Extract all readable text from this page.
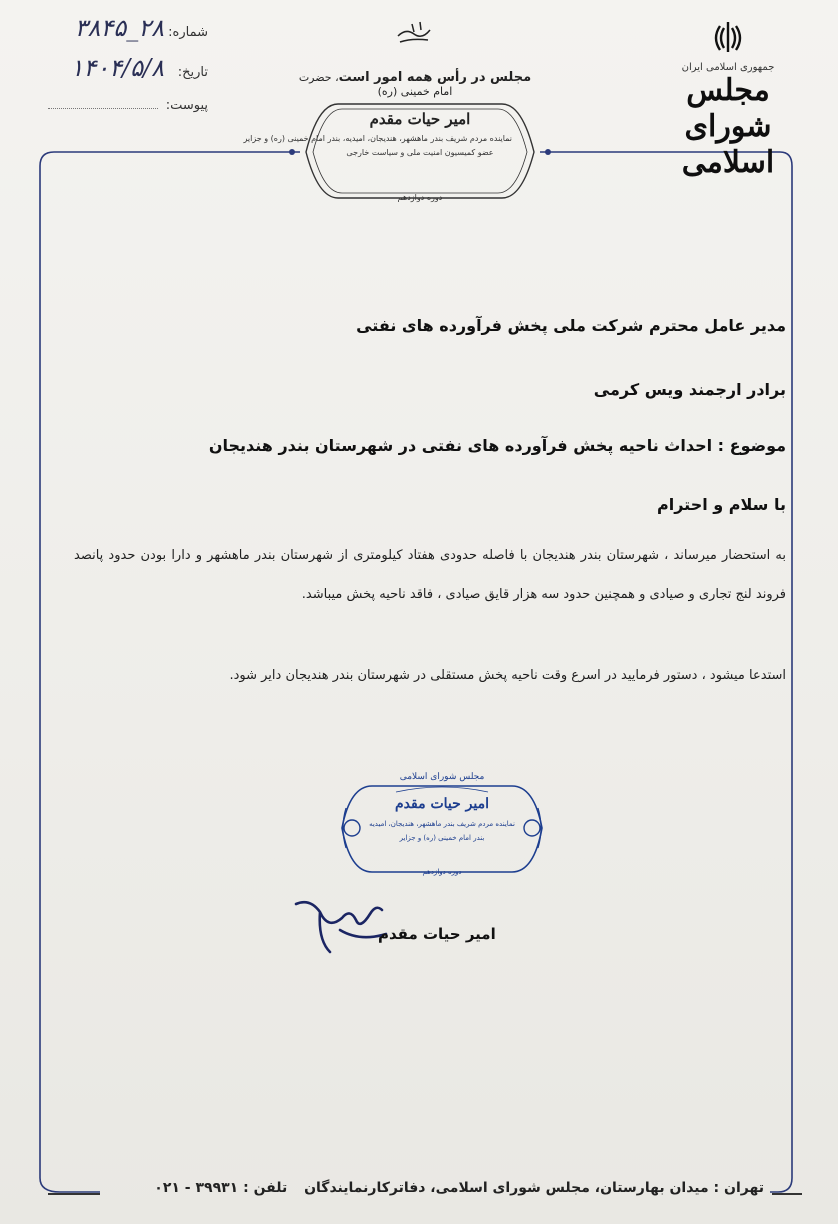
شماره:
۳۸۴۵_۲۸
تاریخ:
۱۴۰۴/۵/۸
پیوست:
مجلس در رأس همه امور است، حضرت امام خمینی (ره)
جمهوری اسلامی ایران
مجلس شورای اسلامی
امیر حیات مقدم
نماینده مردم شریف بندر ماهشهر، هندیجان، امیدیه، بندر امام خمینی (ره) و جزایر
عضو کمیسیون امنیت ملی و سیاست خارجی
دوره دوازدهم
مدیر عامل محترم شرکت ملی پخش فرآورده های نفتی
برادر ارجمند ویس کرمی
موضوع : احداث ناحیه پخش فرآورده های نفتی در شهرستان بندر هندیجان
با سلام و احترام
به استحضار میرساند ، شهرستان بندر هندیجان با فاصله حدودی هفتاد کیلومتری از شهرستان بندر ماهشهر و دارا بودن حدود پانصد فروند لنج تجاری و صیادی و همچنین حدود سه هزار قایق صیادی ، فاقد ناحیه پخش میباشد.
استدعا میشود ، دستور فرمایید در اسرع وقت ناحیه پخش مستقلی در شهرستان بندر هندیجان دایر شود.
مجلس شورای اسلامی
امیر حیات مقدم
نماینده مردم شریف بندر ماهشهر، هندیجان، امیدیه
بندر امام خمینی (ره) و جزایر
دوره دوازدهم
امیر حیات مقدم
تهران : میدان بهارستان، مجلس شورای اسلامی، دفاترکارنمایندگان تلفن : ۳۹۹۳۱ - ۰۲۱
